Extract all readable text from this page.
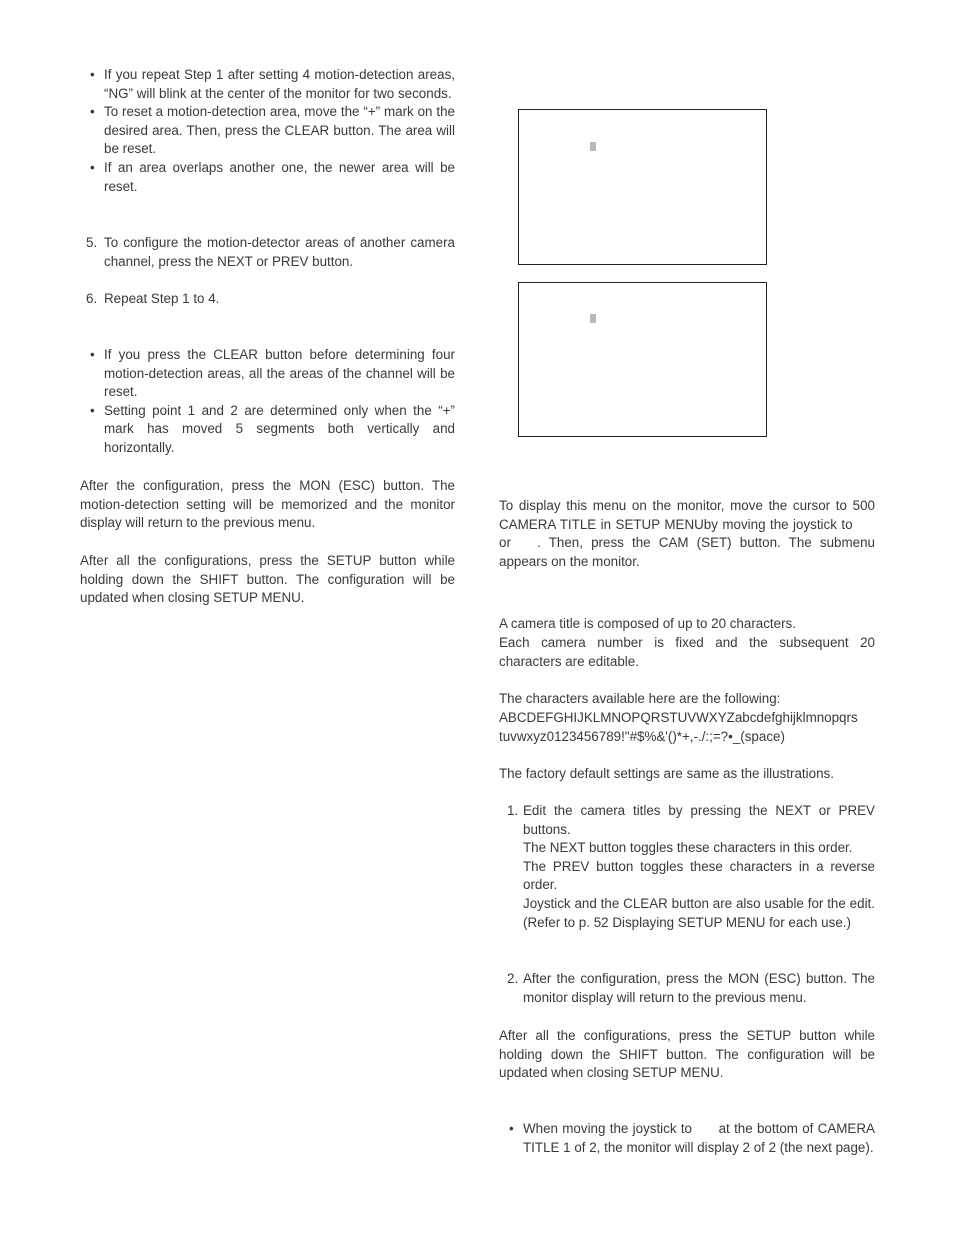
• If you repeat Step 1 after setting 4 motion-detection areas, “NG” will blink at the center of the monitor for two seconds.
• To reset a motion-detection area, move the “+” mark on the desired area. Then, press the CLEAR button. The area will be reset.
• If an area overlaps another one, the newer area will be reset.
5. To configure the motion-detector areas of another camera channel, press the NEXT or PREV button.
6. Repeat Step 1 to 4.
• If you press the CLEAR button before determining four motion-detection areas, all the areas of the channel will be reset.
• Setting point 1 and 2 are determined only when the “+” mark has moved 5 segments both vertically and horizontally.

After the configuration, press the MON (ESC) button. The motion-detection setting will be memorized and the monitor display will return to the previous menu.

After all the configurations, press the SETUP button while holding down the SHIFT button. The configuration will be updated when closing SETUP MENU.

To display this menu on the monitor, move the cursor to 500 CAMERA TITLE in SETUP MENUby moving the joystick to or . Then, press the CAM (SET) button. The submenu appears on the monitor.

A camera title is composed of up to 20 characters.

Each camera number is fixed and the subsequent 20 characters are editable.

The characters available here are the following:

ABCDEFGHIJKLMNOPQRSTUVWXYZabcdefghijklmnopqrs

tuvwxyz0123456789!"#$%&'()*+,-./:;=?•_(space)

The factory default settings are same as the illustrations.

1. Edit the camera titles by pressing the NEXT or PREV buttons.
The NEXT button toggles these characters in this order.
The PREV button toggles these characters in a reverse order.
Joystick and the CLEAR button are also usable for the edit. (Refer to p. 52 Displaying SETUP MENU for each use.)
2. After the configuration, press the MON (ESC) button. The monitor display will return to the previous menu.

After all the configurations, press the SETUP button while holding down the SHIFT button. The configuration will be updated when closing SETUP MENU.

• When moving the joystick to at the bottom of CAMERA TITLE 1 of 2, the monitor will display 2 of 2 (the next page).
